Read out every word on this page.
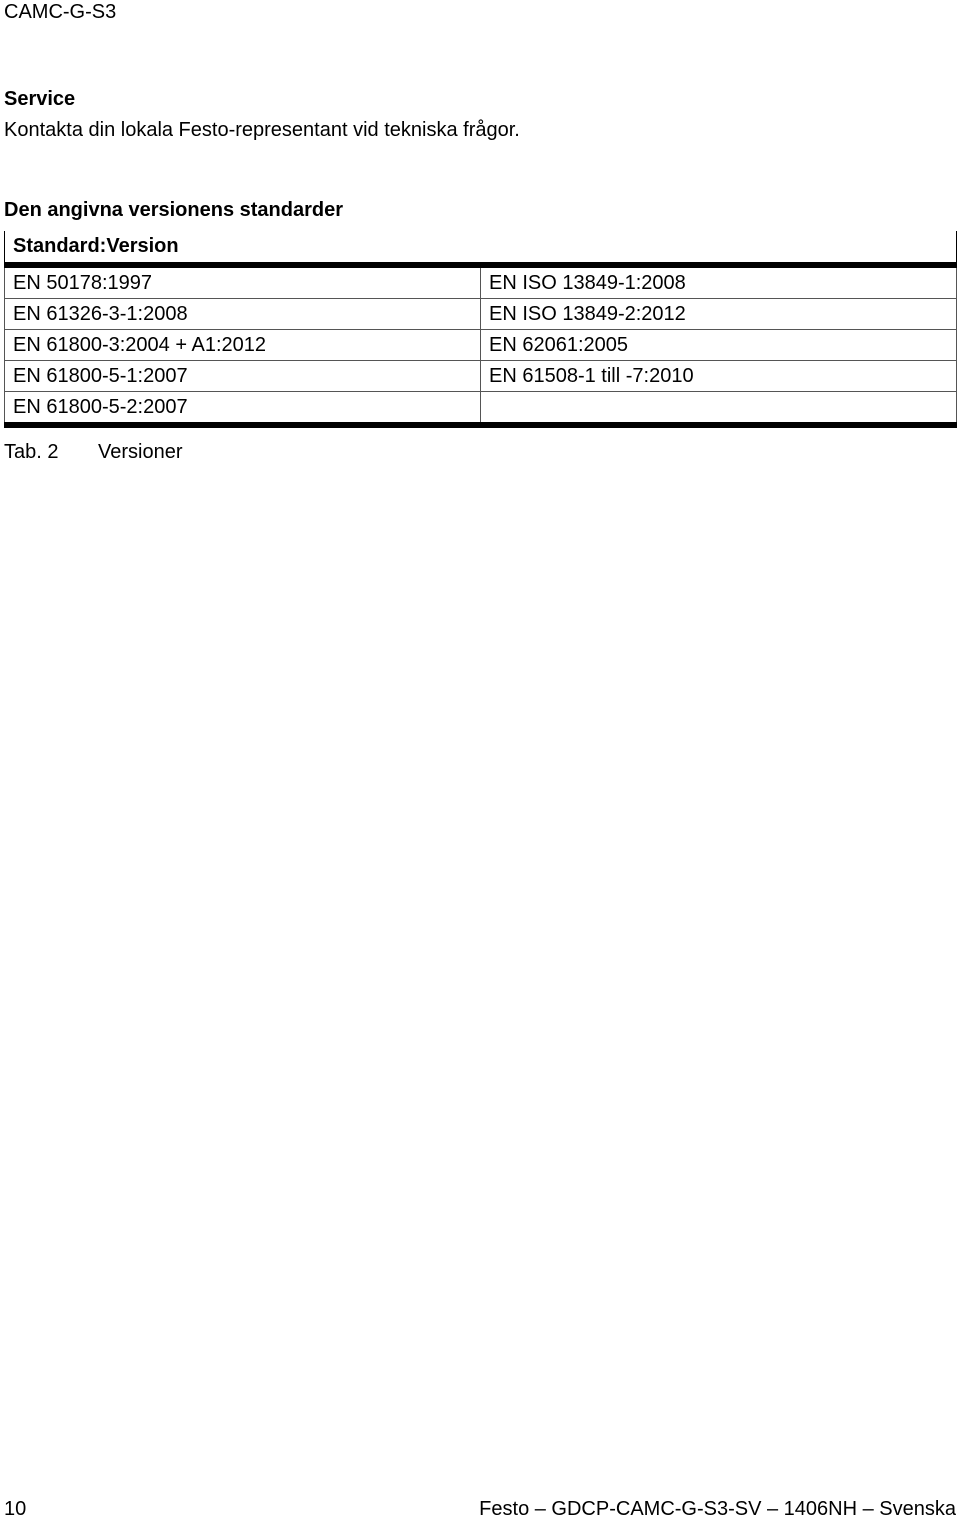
CAMC-G-S3
Service
Kontakta din lokala Festo-representant vid tekniska frågor.
Den angivna versionens standarder
Standard:Version	
EN 50178:1997	EN ISO 13849-1:2008
EN 61326-3-1:2008	EN ISO 13849-2:2012
EN 61800-3:2004 + A1:2012	EN 62061:2005
EN 61800-5-1:2007	EN 61508-1 till -7:2010
EN 61800-5-2:2007	
Tab. 2 Versioner
10	Festo – GDCP-CAMC-G-S3-SV – 1406NH – Svenska
